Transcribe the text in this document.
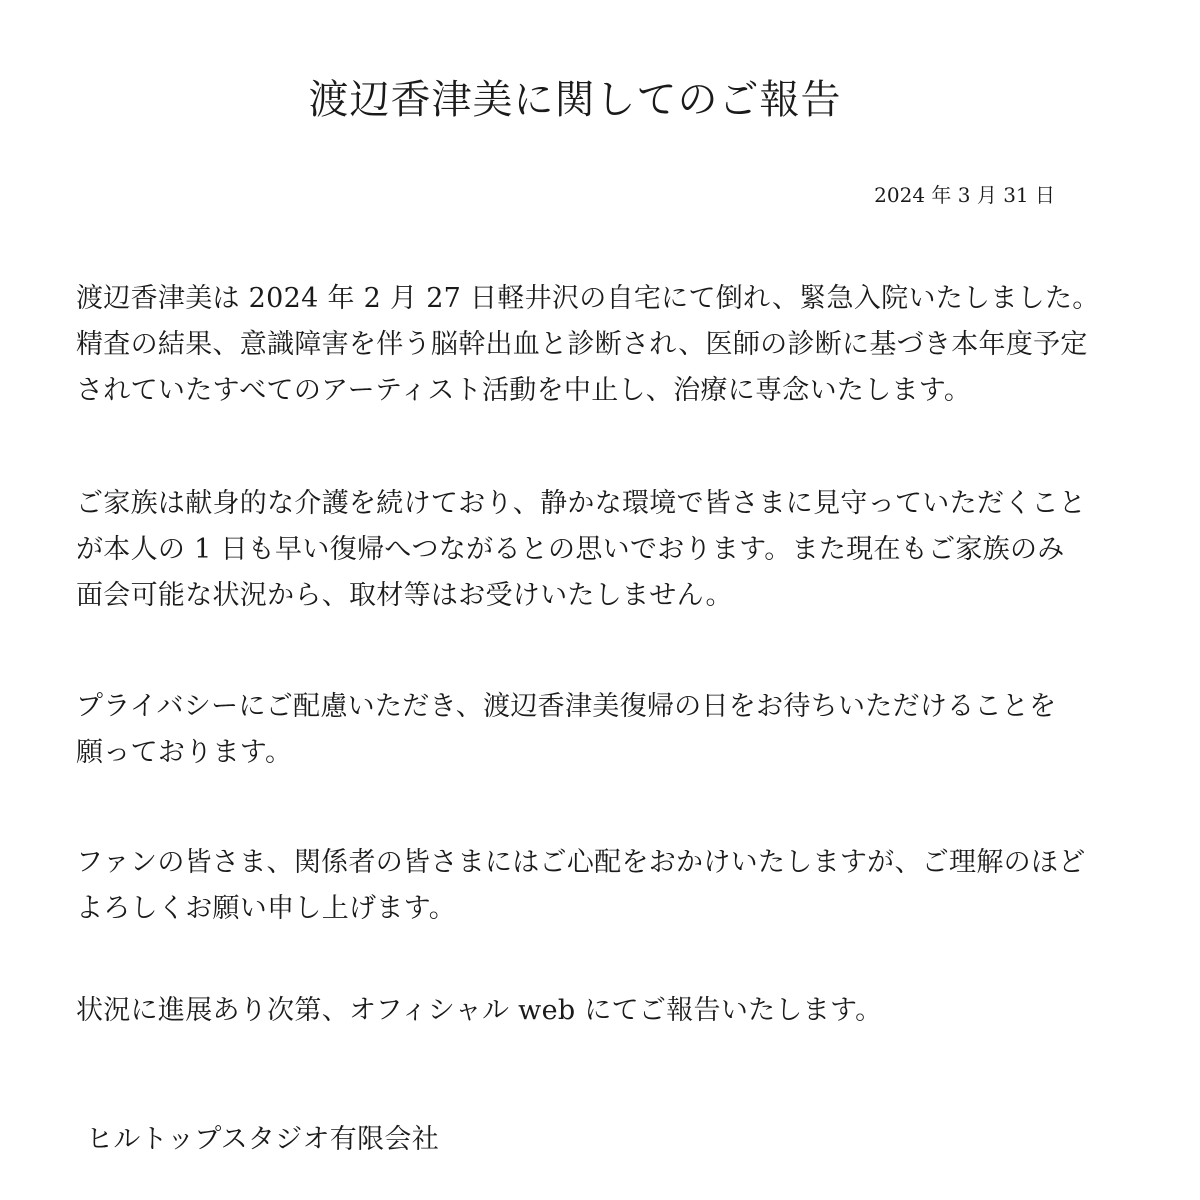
渡辺香津美に関してのご報告
2024 年 3 月 31 日

渡辺香津美は 2024 年 2 月 27 日軽井沢の自宅にて倒れ、緊急入院いたしました。
精査の結果、意識障害を伴う脳幹出血と診断され、医師の診断に基づき本年度予定
されていたすべてのアーティスト活動を中止し、治療に専念いたします。

ご家族は献身的な介護を続けており、静かな環境で皆さまに見守っていただくこと
が本人の 1 日も早い復帰へつながるとの思いでおります。また現在もご家族のみ
面会可能な状況から、取材等はお受けいたしません。

プライバシーにご配慮いただき、渡辺香津美復帰の日をお待ちいただけることを
願っております。

ファンの皆さま、関係者の皆さまにはご心配をおかけいたしますが、ご理解のほど
よろしくお願い申し上げます。

状況に進展あり次第、オフィシャル web にてご報告いたします。

ヒルトップスタジオ有限会社
